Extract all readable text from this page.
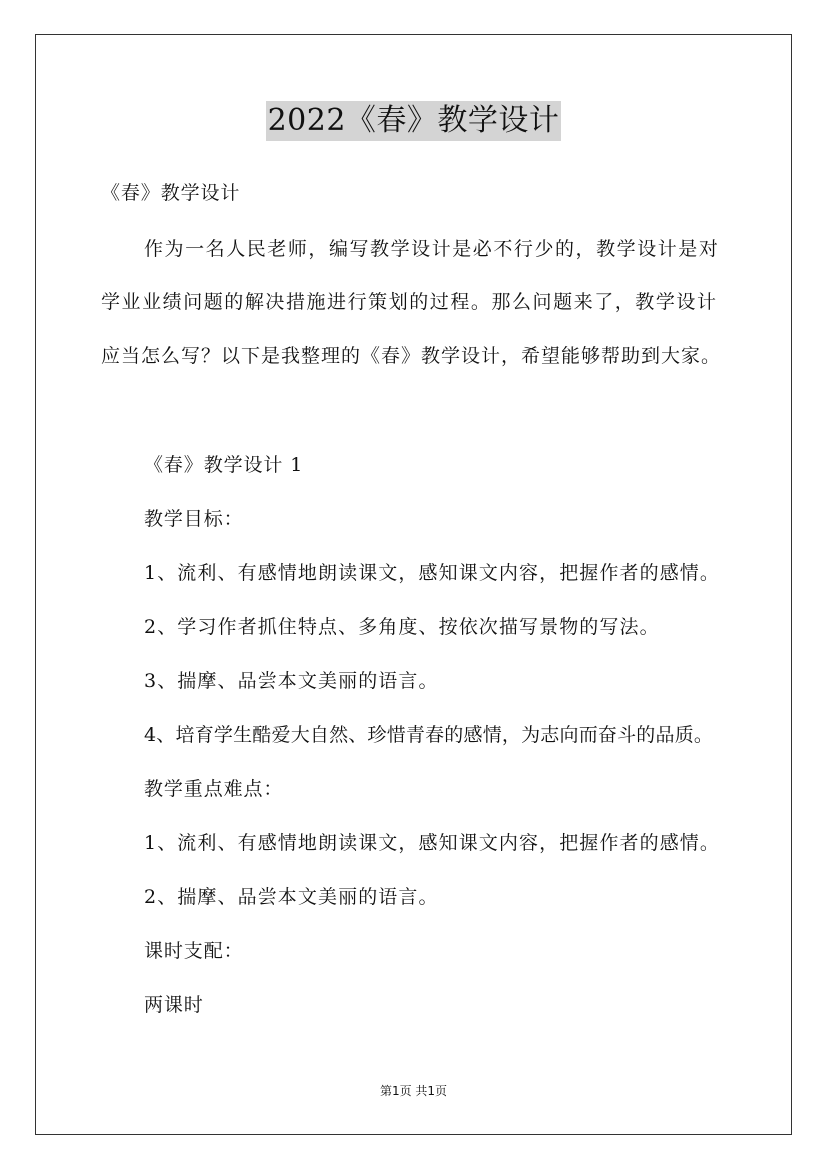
2022《春》教学设计
《春》教学设计
作为一名人民老师，编写教学设计是必不行少的，教学设计是对
学业业绩问题的解决措施进行策划的过程。那么问题来了，教学设计
应当怎么写？以下是我整理的《春》教学设计，希望能够帮助到大家。
《春》教学设计 1
教学目标：
1、流利、有感情地朗读课文，感知课文内容，把握作者的感情。
2、学习作者抓住特点、多角度、按依次描写景物的写法。
3、揣摩、品尝本文美丽的语言。
4、培育学生酷爱大自然、珍惜青春的感情，为志向而奋斗的品质。
教学重点难点：
1、流利、有感情地朗读课文，感知课文内容，把握作者的感情。
2、揣摩、品尝本文美丽的语言。
课时支配：
两课时
第1页 共1页
